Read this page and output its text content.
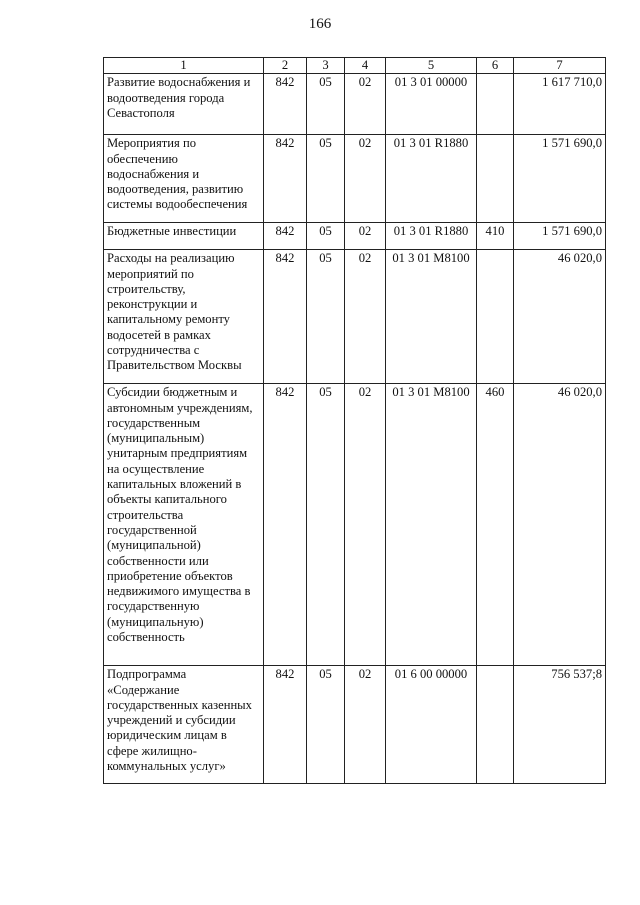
166
1	2	3	4	5	6	7
Развитие водоснабжения и водоотведения города Севастополя	842	05	02	01 3 01 00000		1 617 710,0
Мероприятия по обеспечению водоснабжения и водоотведения, развитию системы водообеспечения	842	05	02	01 3 01 R1880		1 571 690,0
Бюджетные инвестиции	842	05	02	01 3 01 R1880	410	1 571 690,0
Расходы на реализацию мероприятий по строительству, реконструкции и капитальному ремонту водосетей в рамках сотрудничества с Правительством Москвы	842	05	02	01 3 01 M8100		46 020,0
Субсидии бюджетным и автономным учреждениям, государственным (муниципальным) унитарным предприятиям на осуществление капитальных вложений в объекты капитального строительства государственной (муниципальной) собственности или приобретение объектов недвижимого имущества в государственную (муниципальную) собственность	842	05	02	01 3 01 M8100	460	46 020,0
Подпрограмма «Содержание государственных казенных учреждений и субсидии юридическим лицам в сфере жилищно-коммунальных услуг»	842	05	02	01 6 00 00000		756 537;8
